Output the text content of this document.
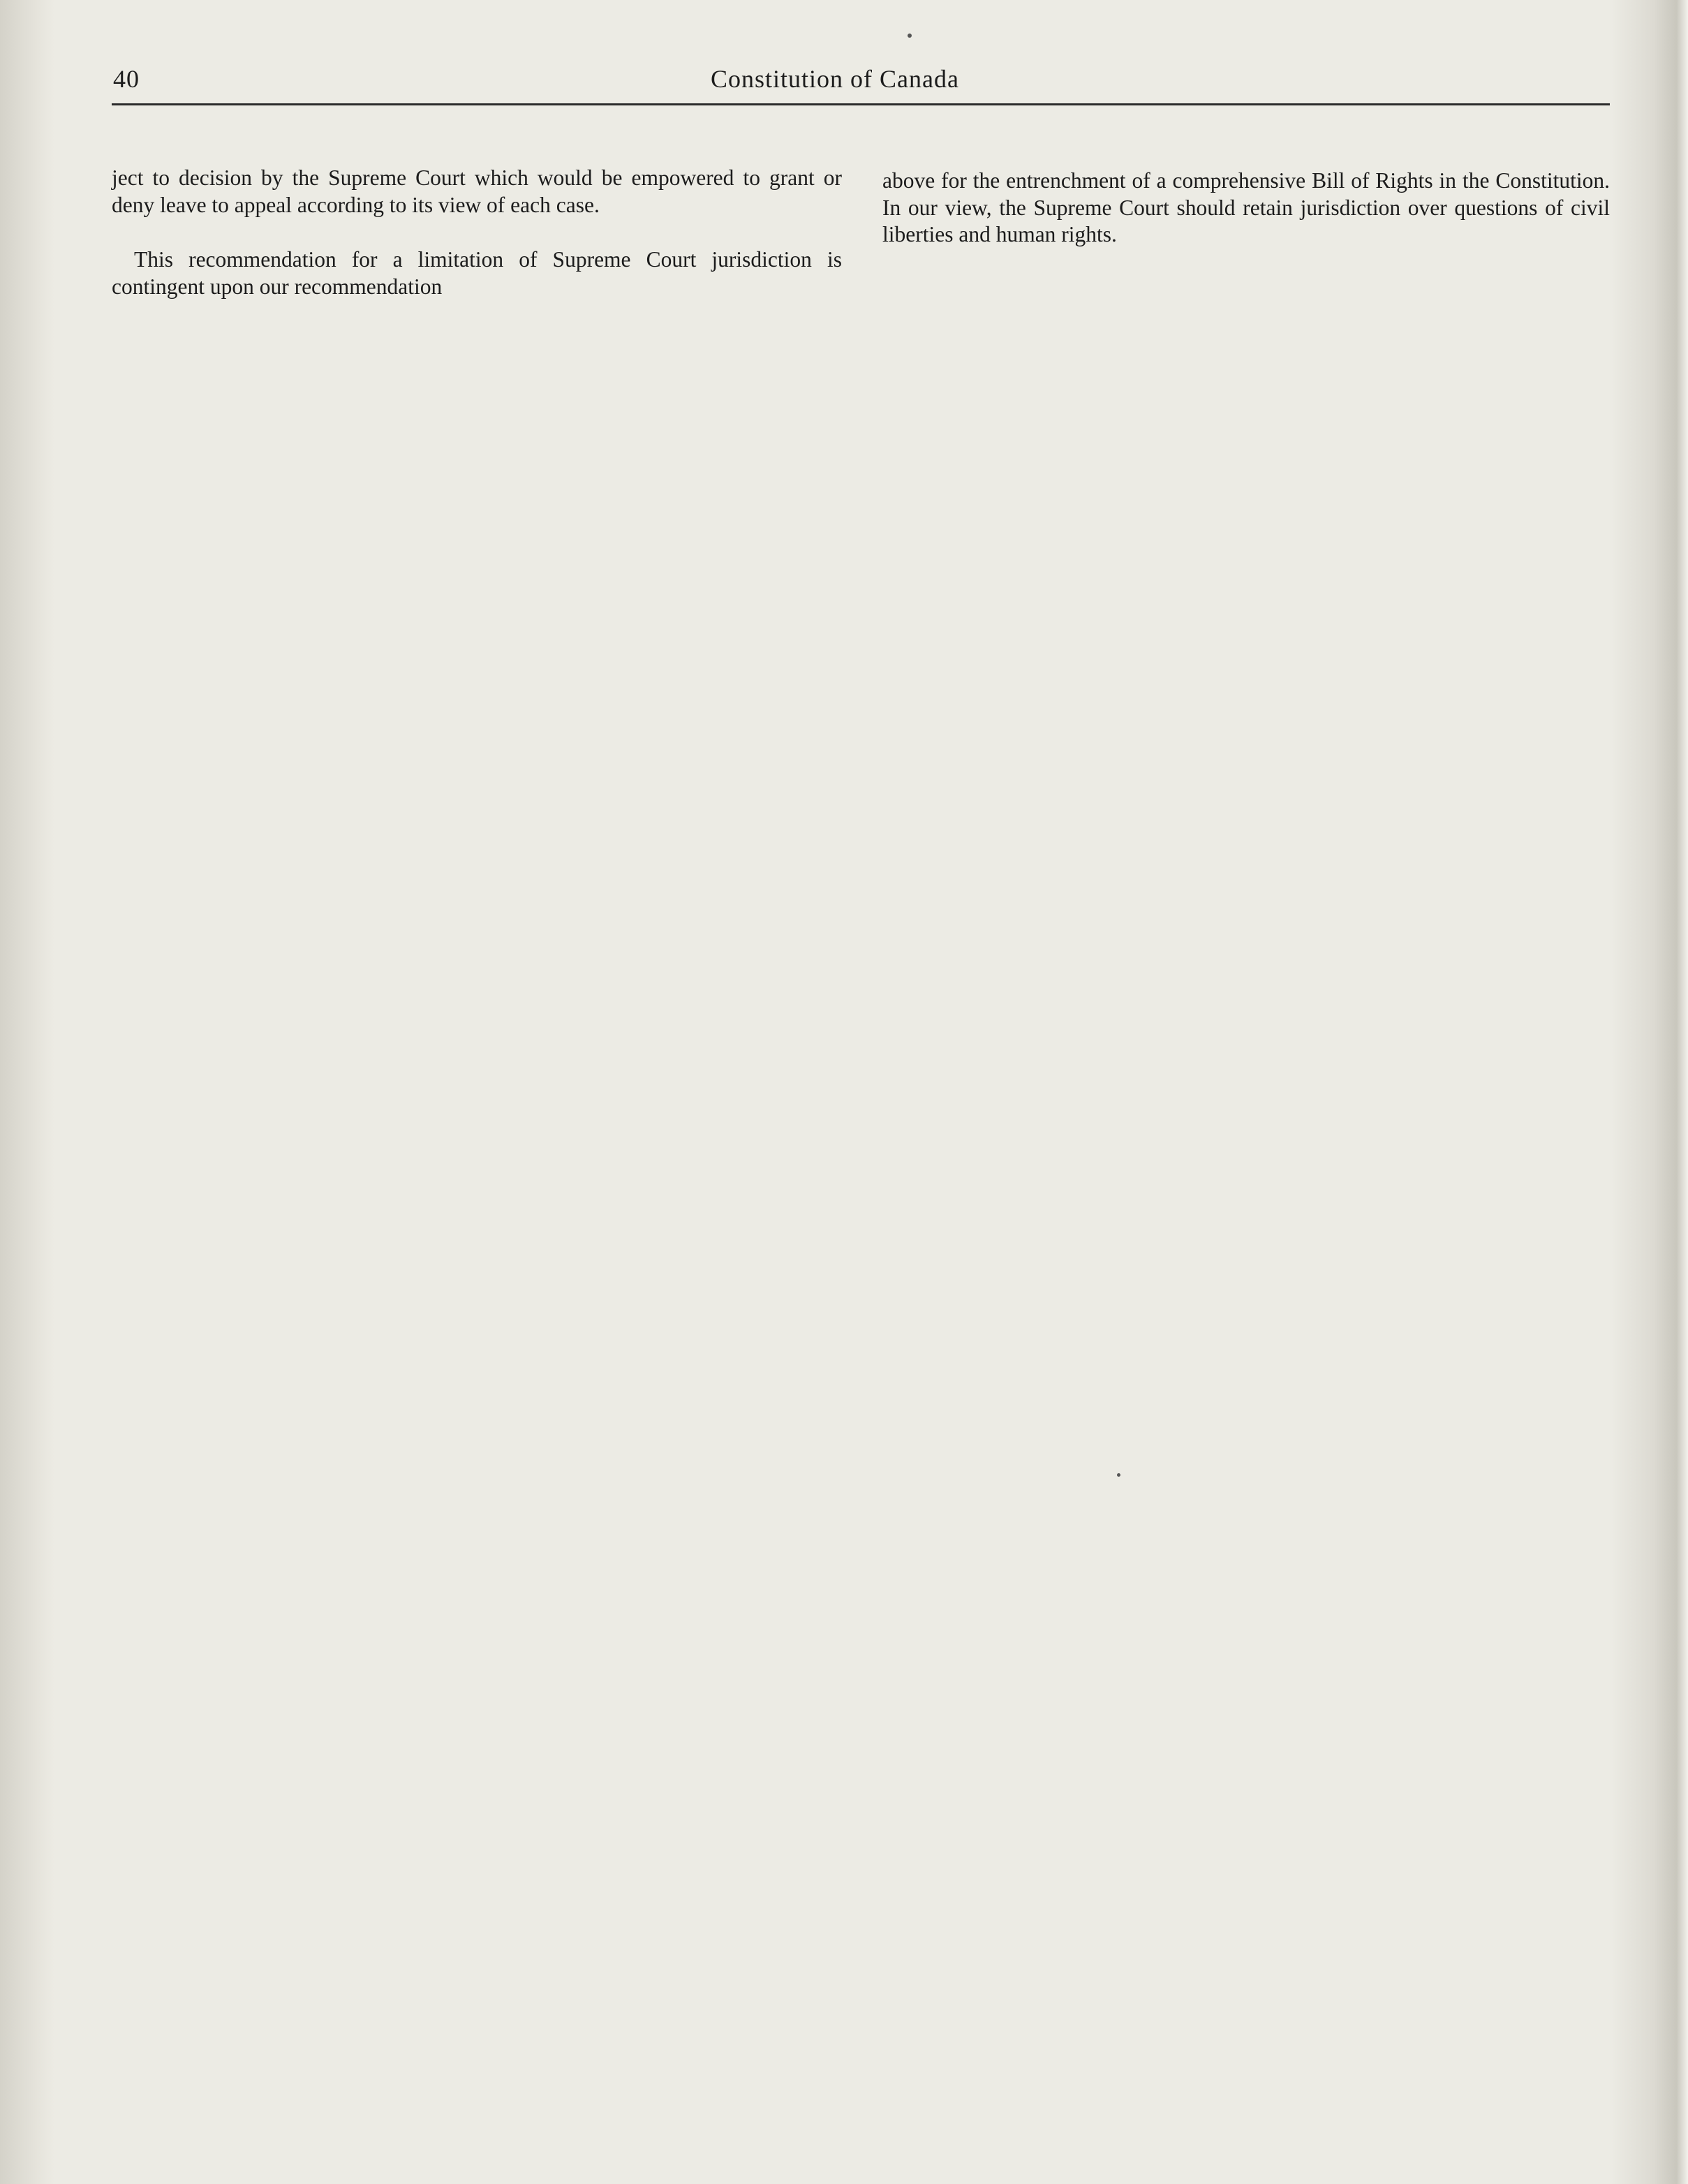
40	Constitution of Canada

ject to decision by the Supreme Court which would be empowered to grant or deny leave to appeal according to its view of each case.

This recommendation for a limitation of Supreme Court jurisdiction is contingent upon our recommendation

above for the entrenchment of a comprehensive Bill of Rights in the Constitution. In our view, the Supreme Court should retain jurisdiction over questions of civil liberties and human rights.
